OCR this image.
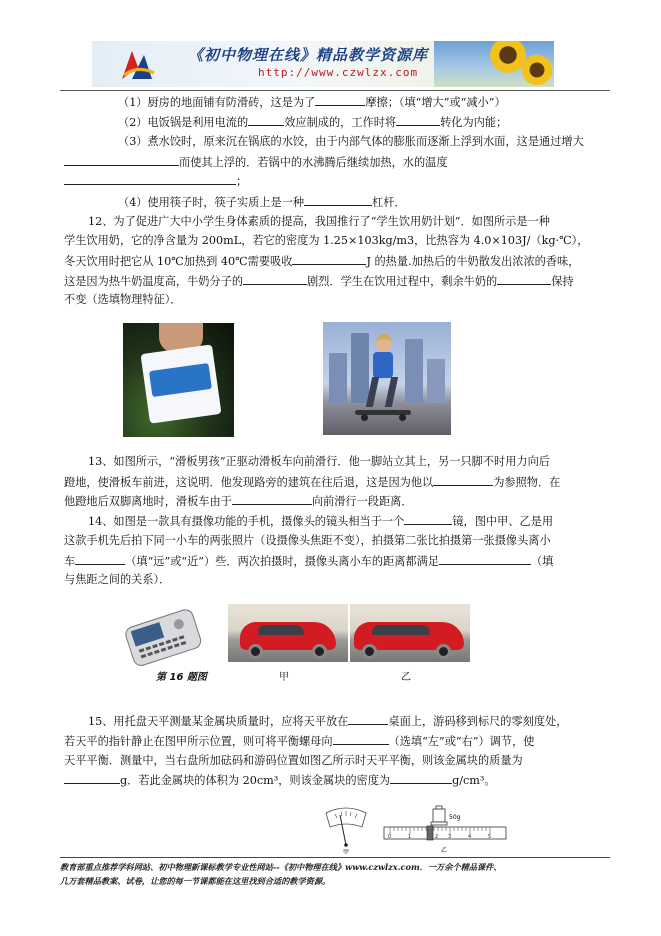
《初中物理在线》精品教学资源库
http://www.czwlzx.com
（1）厨房的地面铺有防滑砖，这是为了	摩擦；（填“增大”或“减小”）
（2）电饭锅是利用电流的	效应制成的，工作时将	转化为内能；
（3）煮水饺时，原来沉在锅底的水饺，由于内部气体的膨胀而逐渐上浮到水面，这是通过增大
而使其上浮的．若锅中的水沸腾后继续加热，水的温度
；
（4）使用筷子时，筷子实质上是一种	杠杆．
12、为了促进广大中小学生身体素质的提高，我国推行了“学生饮用奶计划”．如图所示是一种
学生饮用奶，它的净含量为 200mL，若它的密度为 1.25×103kg/m3，比热容为 4.0×103J/（kg·℃），
冬天饮用时把它从 10℃加热到 40℃需要吸收	J 的热量.加热后的牛奶散发出浓浓的香味，
这是因为热牛奶温度高，牛奶分子的	剧烈．学生在饮用过程中，剩余牛奶的	保持
不变（选填物理特征）．
13、如图所示，“滑板男孩”正驱动滑板车向前滑行．他一脚站立其上，另一只脚不时用力向后
蹬地，使滑板车前进，这说明．他发现路旁的建筑在往后退，这是因为他以	为参照物．在
他蹬地后双脚离地时，滑板车由于	向前滑行一段距离．
14、如图是一款具有摄像功能的手机，摄像头的镜头相当于一个	镜，图中甲、乙是用
这款手机先后拍下同一小车的两张照片（设摄像头焦距不变），拍摄第二张比拍摄第一张摄像头离小
车	（填“远”或“近”）些．两次拍摄时，摄像头离小车的距离都满足	（填
与焦距之间的关系）．
第 16 题图	甲	乙
15、用托盘天平测量某金属块质量时，应将天平放在	桌面上，游码移到标尺的零刻度处，
若天平的指针静止在图甲所示位置，则可将平衡螺母向	（选填“左”或“右”）调节，使
天平平衡．测量中，当右盘所加砝码和游码位置如图乙所示时天平平衡，则该金属块的质量为
g．若此金属块的体积为 20cm³，则该金属块的密度为	g/cm³。
甲
50g
0	1	2 3	4	5
乙
教育部重点推荐学科网站、初中物理新课标教学专业性网站--《初中物理在线》www.czwlzx.com．一万余个精品课件、
几万套精品教案、试卷，让您的每一节课都能在这里找到合适的教学资源。
